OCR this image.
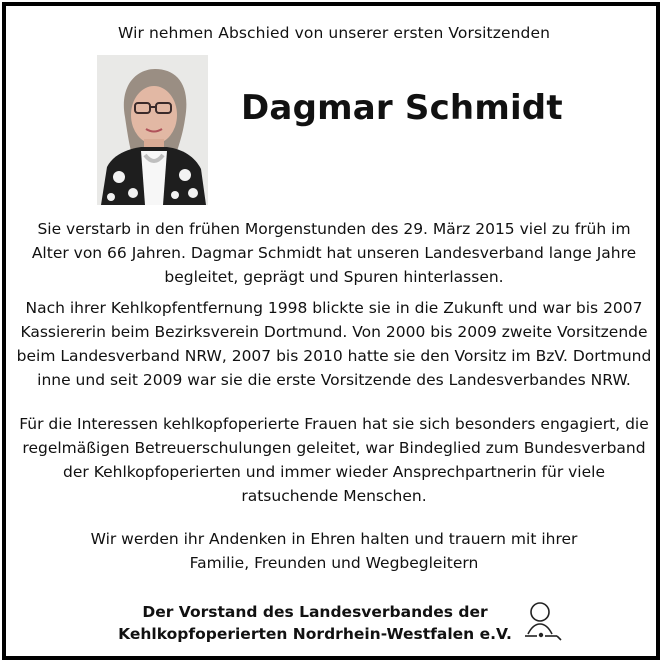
Wir nehmen Abschied von unserer ersten Vorsitzenden
Dagmar Schmidt
Sie verstarb in den frühen Morgenstunden des 29. März 2015 viel zu früh im
Alter von 66 Jahren. Dagmar Schmidt hat unseren Landesverband lange Jahre
begleitet, geprägt und Spuren hinterlassen.
Nach ihrer Kehlkopfentfernung 1998 blickte sie in die Zukunft und war bis 2007
Kassiererin beim Bezirksverein Dortmund. Von 2000 bis 2009 zweite Vorsitzende
beim Landesverband NRW, 2007 bis 2010 hatte sie den Vorsitz im BzV. Dortmund
inne und seit 2009 war sie die erste Vorsitzende des Landesverbandes NRW.
Für die Interessen kehlkopfoperierte Frauen hat sie sich besonders engagiert, die
regelmäßigen Betreuerschulungen geleitet, war Bindeglied zum Bundesverband
der Kehlkopfoperierten und immer wieder Ansprechpartnerin für viele
ratsuchende Menschen.
Wir werden ihr Andenken in Ehren halten und trauern mit ihrer
Familie, Freunden und Wegbegleitern
Der Vorstand des Landesverbandes der
Kehlkopfoperierten Nordrhein-Westfalen e.V.
